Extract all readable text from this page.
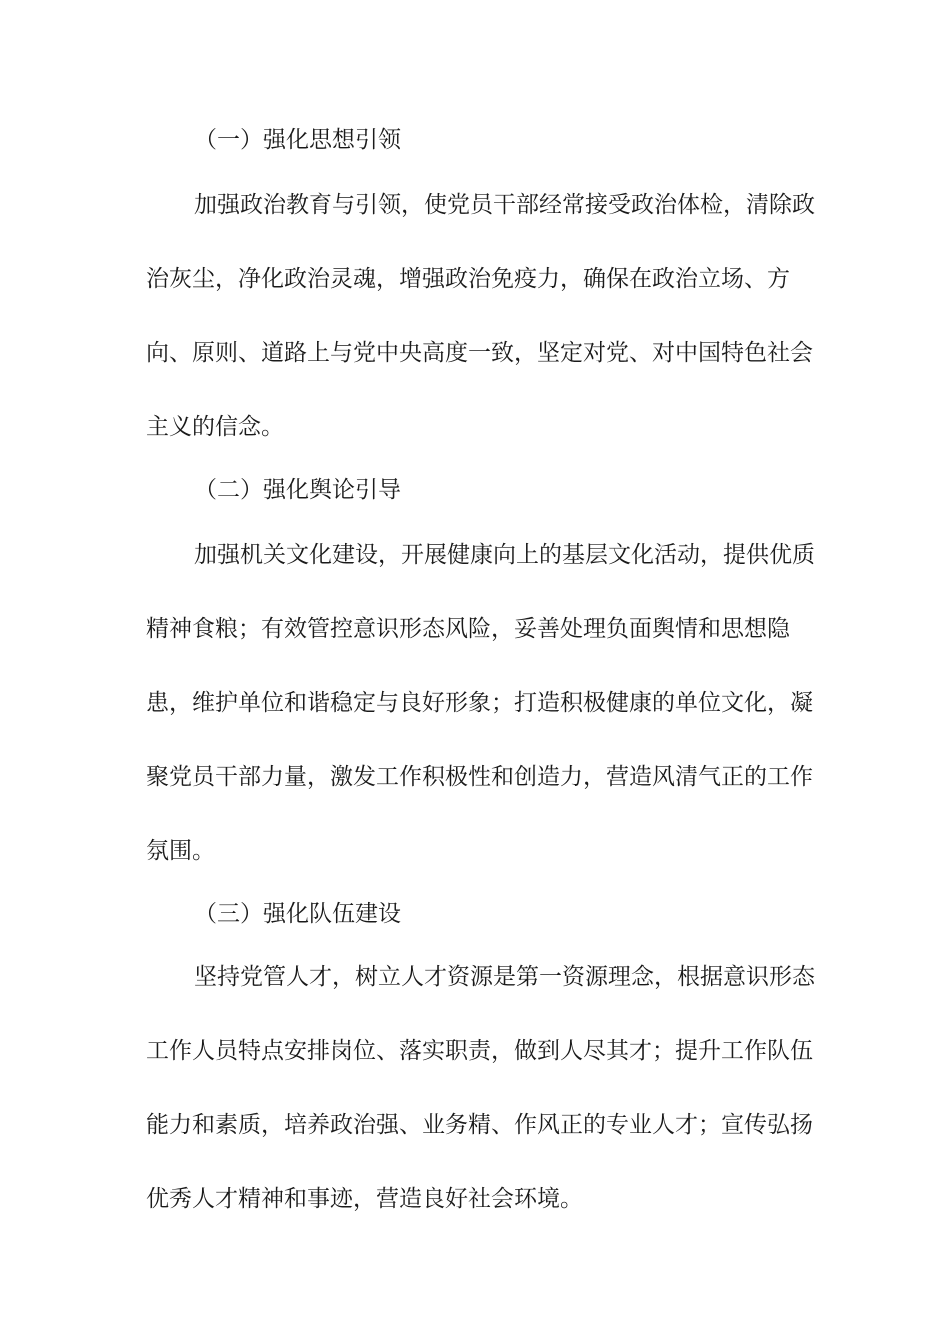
（一）强化思想引领
加强政治教育与引领，使党员干部经常接受政治体检，清除政
治灰尘，净化政治灵魂，增强政治免疫力，确保在政治立场、方
向、原则、道路上与党中央高度一致，坚定对党、对中国特色社会
主义的信念。
（二）强化舆论引导
加强机关文化建设，开展健康向上的基层文化活动，提供优质
精神食粮；有效管控意识形态风险，妥善处理负面舆情和思想隐
患，维护单位和谐稳定与良好形象；打造积极健康的单位文化，凝
聚党员干部力量，激发工作积极性和创造力，营造风清气正的工作
氛围。
（三）强化队伍建设
坚持党管人才，树立人才资源是第一资源理念，根据意识形态
工作人员特点安排岗位、落实职责，做到人尽其才；提升工作队伍
能力和素质，培养政治强、业务精、作风正的专业人才；宣传弘扬
优秀人才精神和事迹，营造良好社会环境。
